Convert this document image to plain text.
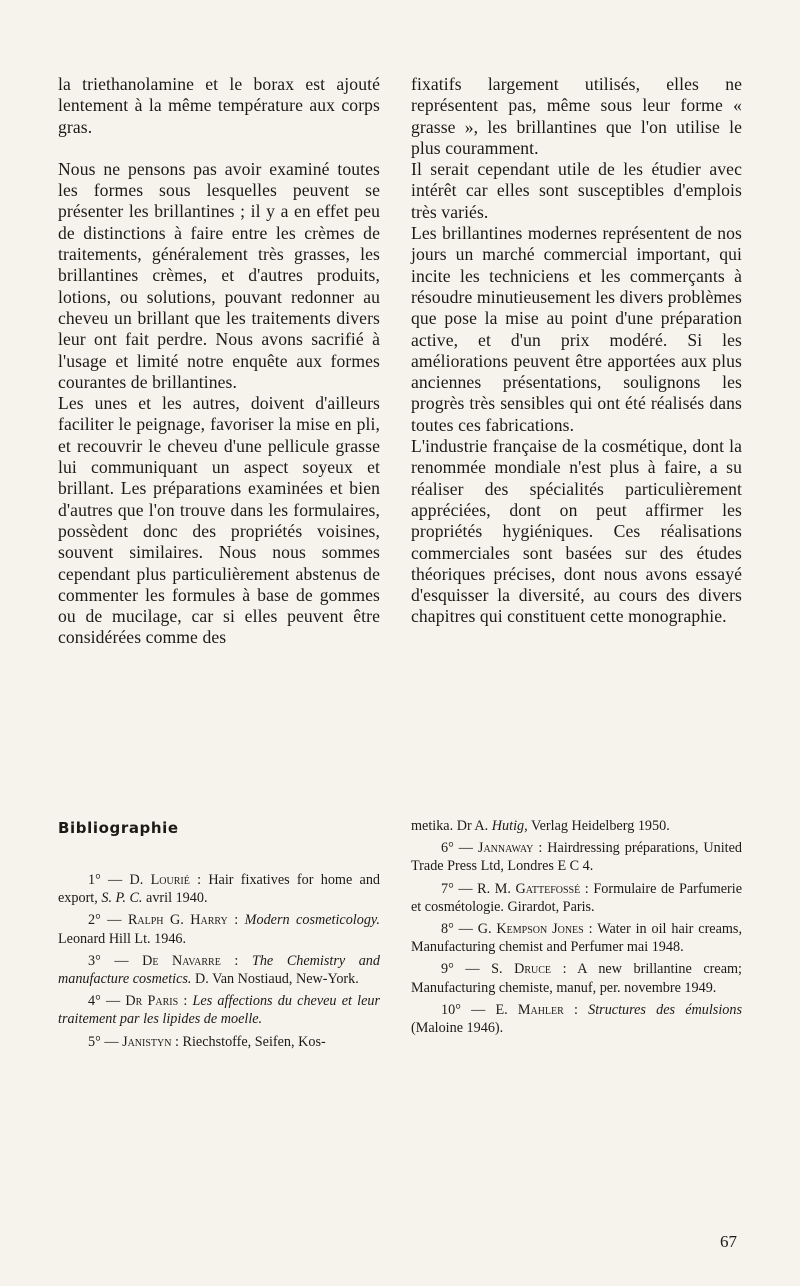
la triethanolamine et le borax est ajouté lentement à la même température aux corps gras.

Nous ne pensons pas avoir examiné toutes les formes sous lesquelles peuvent se présenter les brillantines ; il y a en effet peu de distinctions à faire entre les crèmes de traitements, généralement très grasses, les brillantines crèmes, et d'autres produits, lotions, ou solutions, pouvant redonner au cheveu un brillant que les traitements divers leur ont fait perdre. Nous avons sacrifié à l'usage et limité notre enquête aux formes courantes de brillantines.

Les unes et les autres, doivent d'ailleurs faciliter le peignage, favoriser la mise en pli, et recouvrir le cheveu d'une pellicule grasse lui communiquant un aspect soyeux et brillant. Les préparations examinées et bien d'autres que l'on trouve dans les formulaires, possèdent donc des propriétés voisines, souvent similaires. Nous nous sommes cependant plus particulièrement abstenus de commenter les formules à base de gommes ou de mucilage, car si elles peuvent être considérées comme des

fixatifs largement utilisés, elles ne représentent pas, même sous leur forme « grasse », les brillantines que l'on utilise le plus couramment.

Il serait cependant utile de les étudier avec intérêt car elles sont susceptibles d'emplois très variés.

Les brillantines modernes représentent de nos jours un marché commercial important, qui incite les techniciens et les commerçants à résoudre minutieusement les divers problèmes que pose la mise au point d'une préparation active, et d'un prix modéré. Si les améliorations peuvent être apportées aux plus anciennes présentations, soulignons les progrès très sensibles qui ont été réalisés dans toutes ces fabrications.

L'industrie française de la cosmétique, dont la renommée mondiale n'est plus à faire, a su réaliser des spécialités particulièrement appréciées, dont on peut affirmer les propriétés hygiéniques. Ces réalisations commerciales sont basées sur des études théoriques précises, dont nous avons essayé d'esquisser la diversité, au cours des divers chapitres qui constituent cette monographie.

Bibliographie

1° — D. Lourié : Hair fixatives for home and export, S. P. C. avril 1940.

2° — Ralph G. Harry : Modern cosmeticology. Leonard Hill Lt. 1946.

3° — De Navarre : The Chemistry and manufacture cosmetics. D. Van Nostiaud, New-York.

4° — Dr Paris : Les affections du cheveu et leur traitement par les lipides de moelle.

5° — Janistyn : Riechstoffe, Seifen, Kos-

metika. Dr A. Hutig, Verlag Heidelberg 1950.

6° — Jannaway : Hairdressing préparations, United Trade Press Ltd, Londres E C 4.

7° — R. M. Gattefossé : Formulaire de Parfumerie et cosmétologie. Girardot, Paris.

8° — G. Kempson Jones : Water in oil hair creams, Manufacturing chemist and Perfumer mai 1948.

9° — S. Druce : A new brillantine cream; Manufacturing chemiste, manuf, per. novembre 1949.

10° — E. Mahler : Structures des émulsions (Maloine 1946).

67
